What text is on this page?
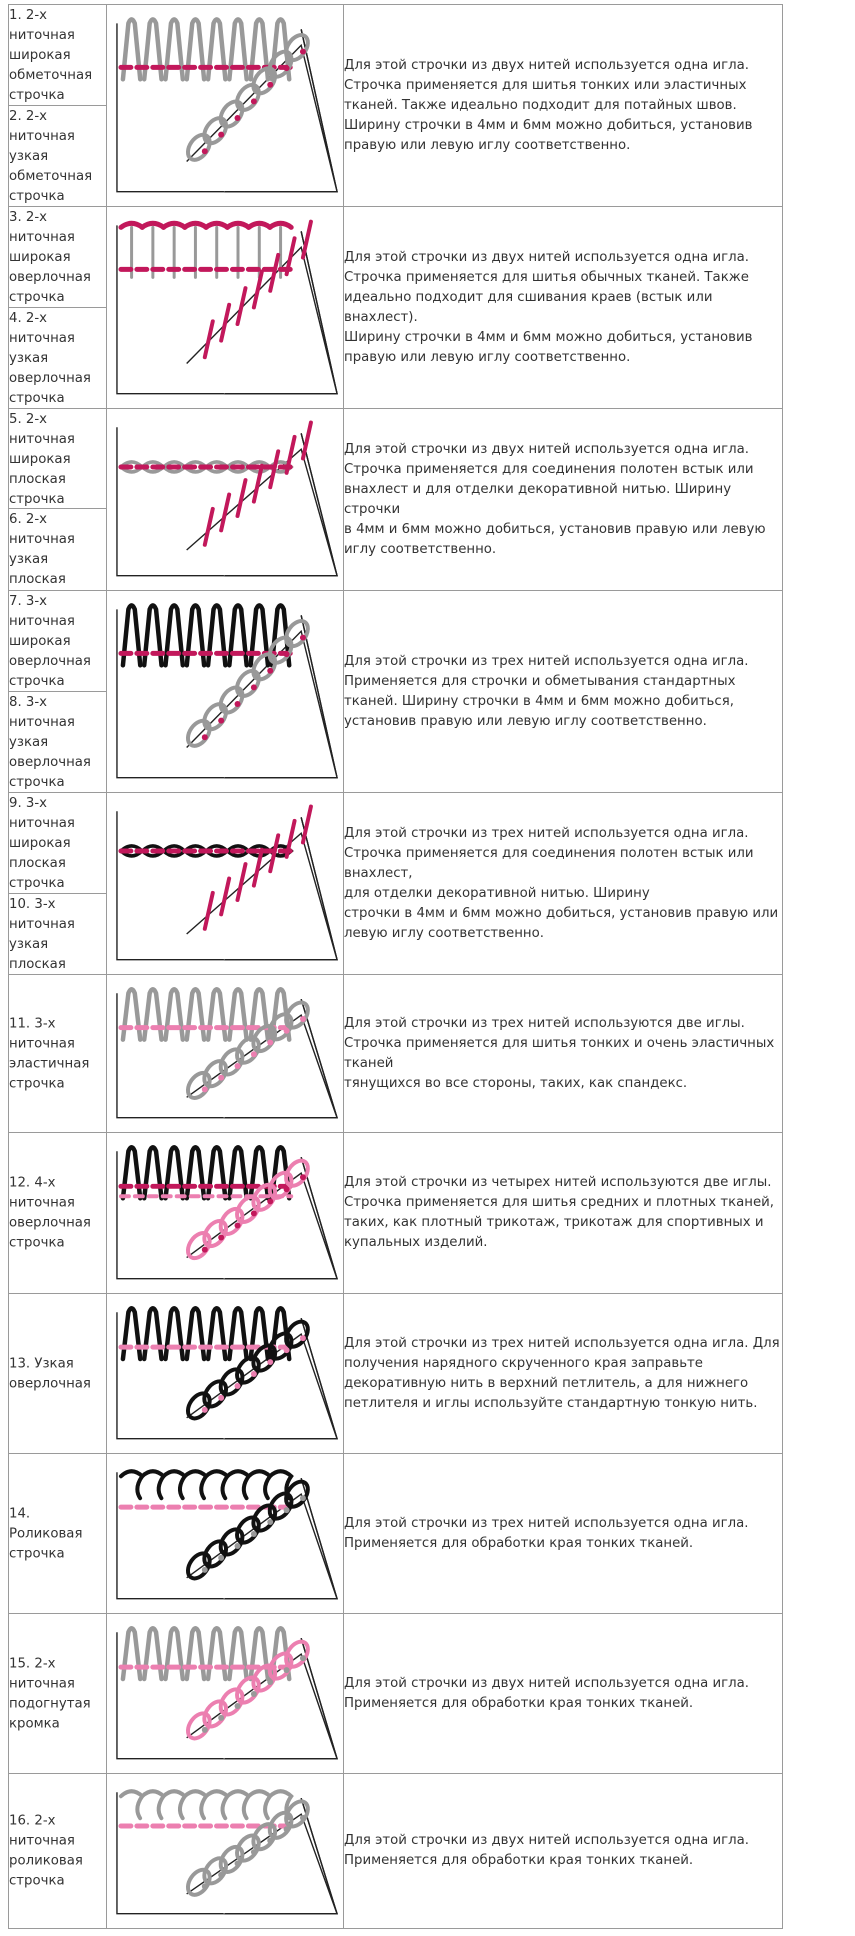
1. 2-х
ниточная
широкая
обметочная
строчка

2. 2-х
ниточная
узкая
обметочная
строчка

Для этой строчки из двух нитей используется одна игла.
Строчка применяется для шитья тонких или эластичных
тканей. Также идеально подходит для потайных швов.
Ширину строчки в 4мм и 6мм можно добиться, установив
правую или левую иглу соответственно.

3. 2-х
ниточная
широкая
оверлочная
строчка

4. 2-х
ниточная
узкая
оверлочная
строчка

Для этой строчки из двух нитей используется одна игла.
Строчка применяется для шитья обычных тканей. Также
идеально подходит для сшивания краев (встык или внахлест).
Ширину строчки в 4мм и 6мм можно добиться, установив
правую или левую иглу соответственно.

5. 2-х
ниточная
широкая
плоская
строчка

6. 2-х
ниточная
узкая плоская

Для этой строчки из двух нитей используется одна игла.
Строчка применяется для соединения полотен встык или
внахлест и для отделки декоративной нитью. Ширину строчки
в 4мм и 6мм можно добиться, установив правую или левую
иглу соответственно.

7. 3-х
ниточная
широкая
оверлочная
строчка

8. 3-х
ниточная
узкая
оверлочная
строчка

Для этой строчки из трех нитей используется одна игла.
Применяется для строчки и обметывания стандартных
тканей. Ширину строчки в 4мм и 6мм можно добиться,
установив правую или левую иглу соответственно.

9. 3-х
ниточная
широкая
плоская
строчка

10. 3-х
ниточная
узкая плоская

Для этой строчки из трех нитей используется одна игла.
Строчка применяется для соединения полотен встык или
внахлест,
для отделки декоративной нитью. Ширину
строчки в 4мм и 6мм можно добиться, установив правую или
левую иглу соответственно.

11. 3-х
ниточная
эластичная
строчка

Для этой строчки из трех нитей используются две иглы.
Строчка применяется для шитья тонких и очень эластичных
тканей
тянущихся во все стороны, таких, как спандекс.

12. 4-х
ниточная
оверлочная
строчка

Для этой строчки из четырех нитей используются две иглы.
Строчка применяется для шитья средних и плотных тканей,
таких, как плотный трикотаж, трикотаж для спортивных и
купальных изделий.

13. Узкая
оверлочная

Для этой строчки из трех нитей используется одна игла. Для
получения нарядного скрученного края заправьте
декоративную нить в верхний петлитель, а для нижнего
петлителя и иглы используйте стандартную тонкую нить.

14. Роликовая
строчка

Для этой строчки из трех нитей используется одна игла.
Применяется для обработки края тонких тканей.

15. 2-х
ниточная
подогнутая
кромка

Для этой строчки из двух нитей используется одна игла.
Применяется для обработки края тонких тканей.

16. 2-х
ниточная
роликовая
строчка

Для этой строчки из двух нитей используется одна игла.
Применяется для обработки края тонких тканей.
